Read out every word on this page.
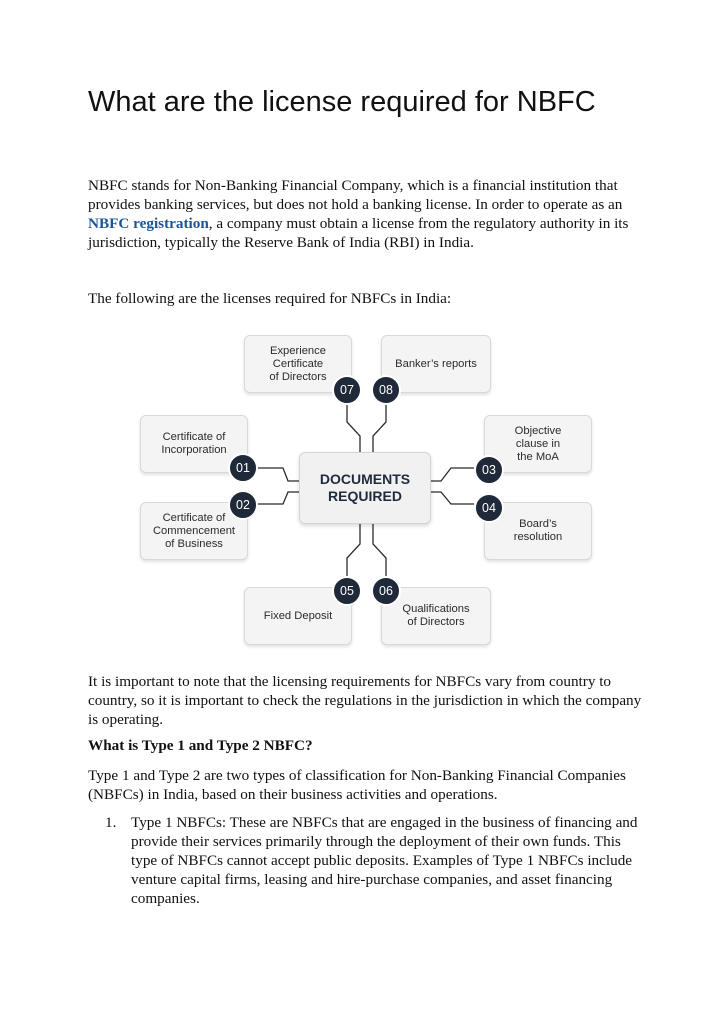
What are the license required for NBFC

NBFC stands for Non-Banking Financial Company, which is a financial institution that provides banking services, but does not hold a banking license. In order to operate as an NBFC registration, a company must obtain a license from the regulatory authority in its jurisdiction, typically the Reserve Bank of India (RBI) in India.

The following are the licenses required for NBFCs in India:

DOCUMENTS
REQUIRED
Experience
Certificate
of Directors
Banker’s reports
Certificate of
Incorporation
Certificate of
Commencement
of Business
Objective
clause in
the MoA
Board’s
resolution
Fixed Deposit
Qualifications
of Directors
07	08
01
02
03
04
05	06

It is important to note that the licensing requirements for NBFCs vary from country to country, so it is important to check the regulations in the jurisdiction in which the company is operating.

What is Type 1 and Type 2 NBFC?

Type 1 and Type 2 are two types of classification for Non-Banking Financial Companies (NBFCs) in India, based on their business activities and operations.

1. Type 1 NBFCs: These are NBFCs that are engaged in the business of financing and provide their services primarily through the deployment of their own funds. This type of NBFCs cannot accept public deposits. Examples of Type 1 NBFCs include venture capital firms, leasing and hire-purchase companies, and asset financing companies.
